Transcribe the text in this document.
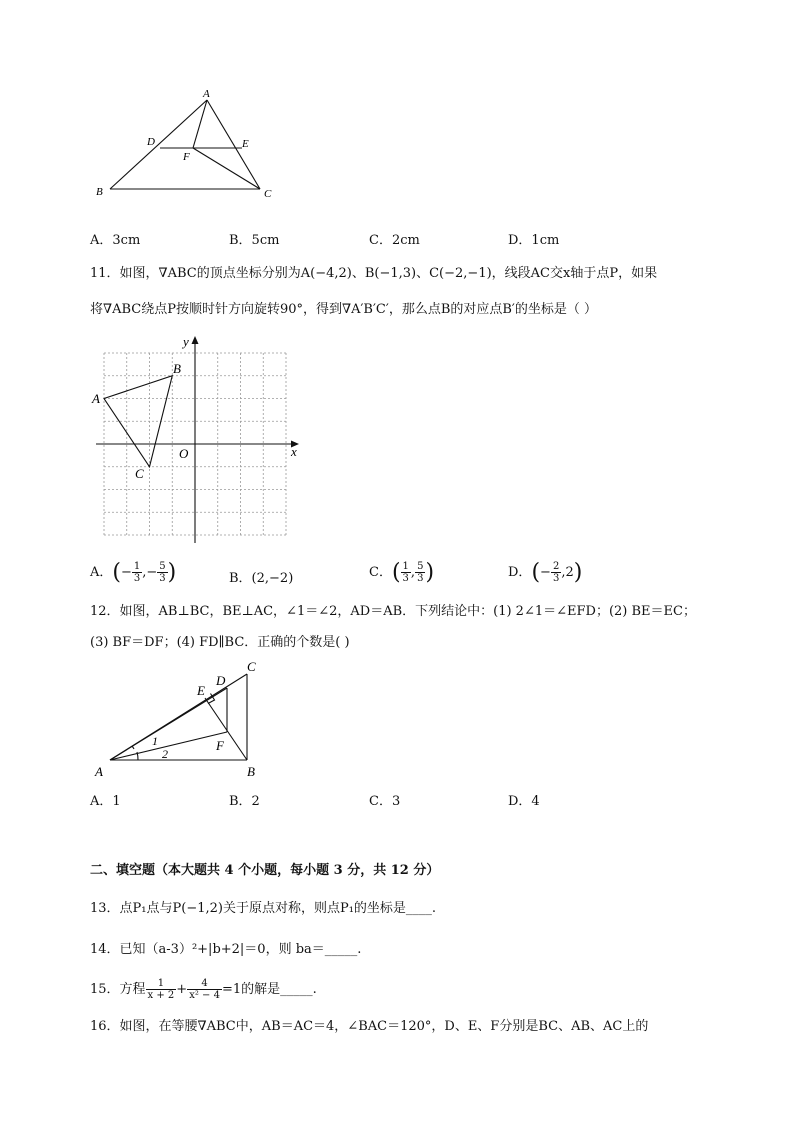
A
B	C
D	E
F
A．3cm	B．5cm	C．2cm	D．1cm
11．如图，∇ABC的顶点坐标分别为A(−4,2)、B(−1,3)、C(−2,−1)，线段AC交x轴于点P，如果
将∇ABC绕点P按顺时针方向旋转90°，得到∇A′B′C′，那么点B的对应点B′的坐标是（ ）
y
x
O
A
B
C
A．(− $\frac{1}{3}$ ,− $\frac{5}{3}$ )	B．(2,−2)	C．( $\frac{1}{3}$ , $\frac{5}{3}$ )	D．(− $\frac{2}{3} ,2$)
12．如图，AB⊥BC，BE⊥AC，∠1＝∠2，AD＝AB．下列结论中：(1) 2∠1＝∠EFD；(2) BE＝EC；
(3) BF＝DF；(4) FD∥BC．正确的个数是( )
A	B
C
D
E
F
1
2
A．1	B．2	C．3	D．4
二、填空题（本大题共 4 个小题，每小题 3 分，共 12 分）
13．点P₁点与P(−1,2)关于原点对称，则点P₁的坐标是____.
14．已知（a-3）²+|b+2|＝0，则 ba＝_____.
15．方程 $\frac{1}{x + 2} + \frac{4}{\text{x² − 4}} =1$的解是_____.
16．如图，在等腰∇ABC中，AB＝AC＝4，∠BAC＝120°，D、E、F分别是BC、AB、AC上的
